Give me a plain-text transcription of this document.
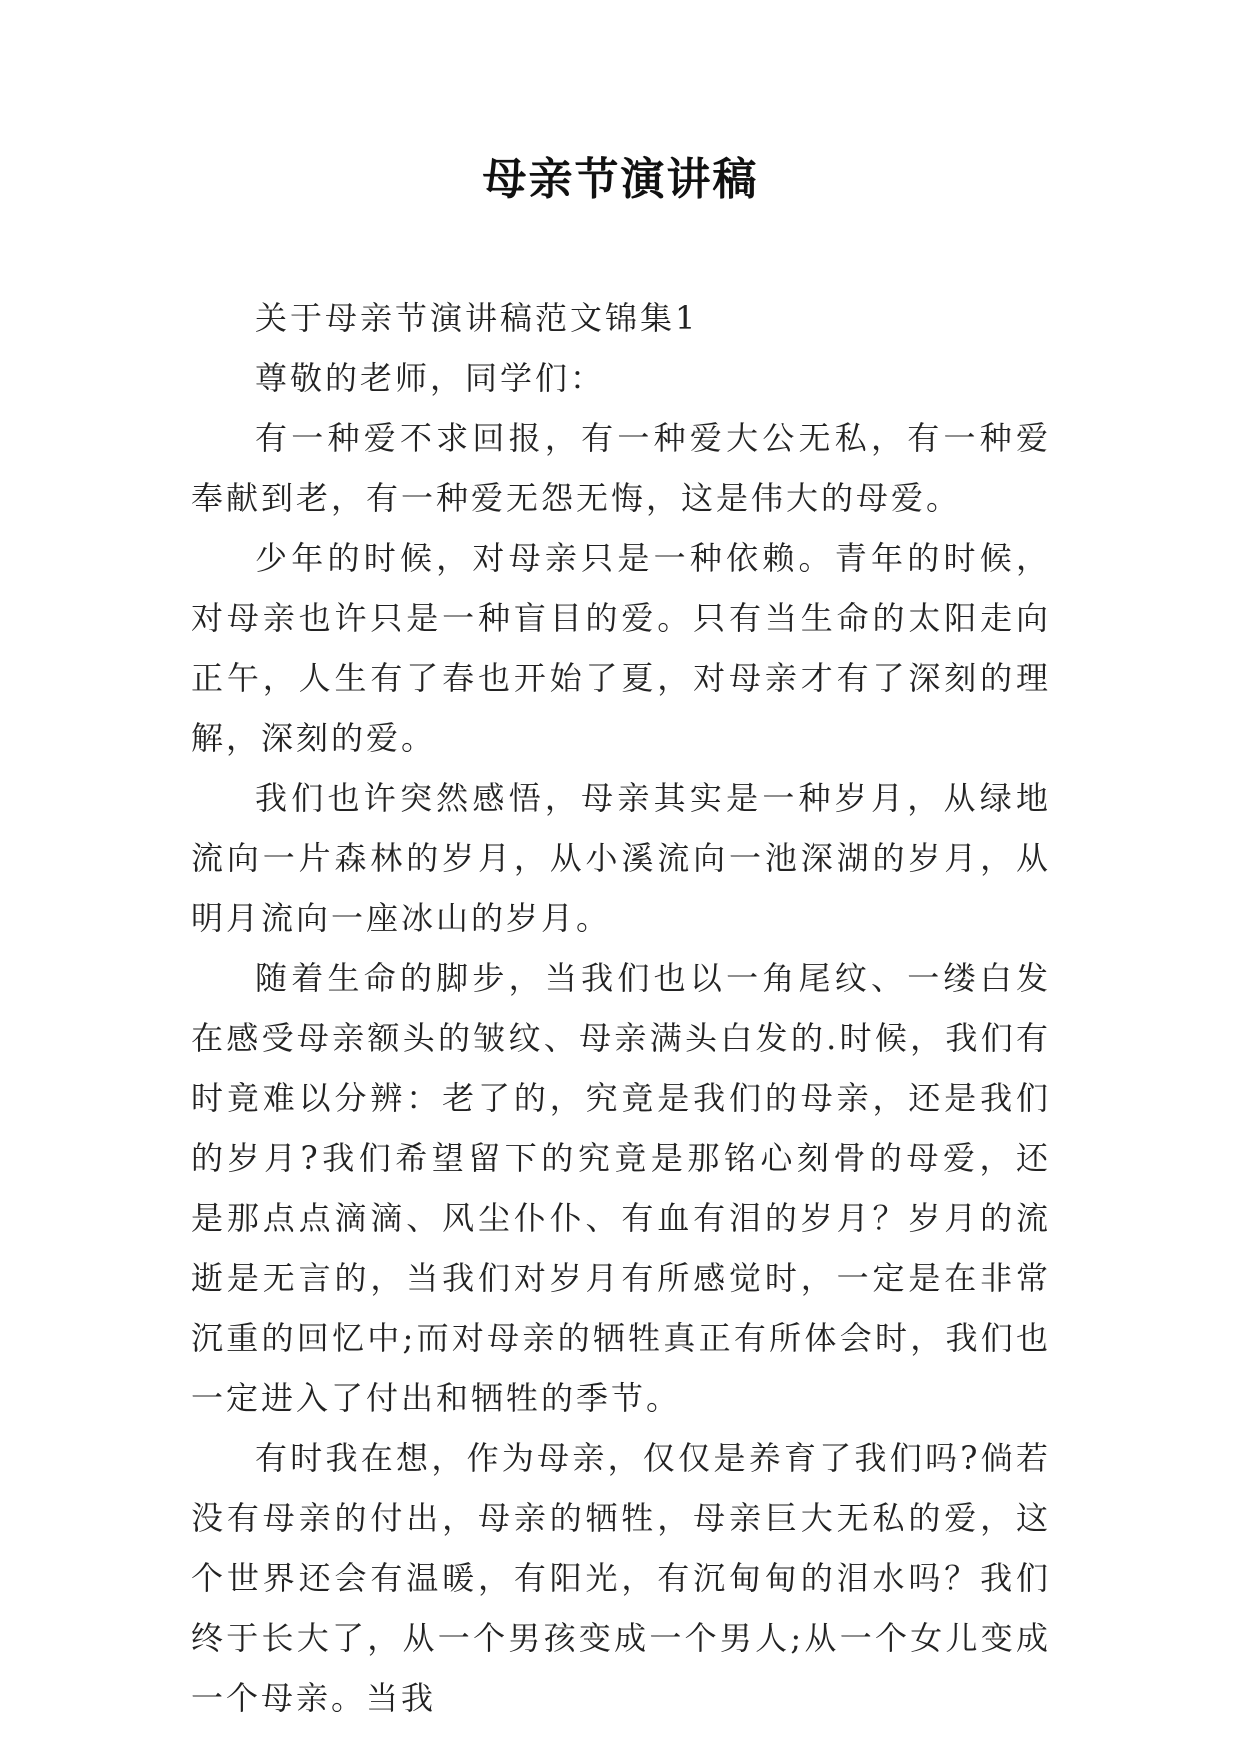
母亲节演讲稿

关于母亲节演讲稿范文锦集1

尊敬的老师，同学们：

有一种爱不求回报，有一种爱大公无私，有一种爱奉献到老，有一种爱无怨无悔，这是伟大的母爱。

少年的时候，对母亲只是一种依赖。青年的时候，对母亲也许只是一种盲目的爱。只有当生命的太阳走向正午，人生有了春也开始了夏，对母亲才有了深刻的理解，深刻的爱。

我们也许突然感悟，母亲其实是一种岁月，从绿地流向一片森林的岁月，从小溪流向一池深湖的岁月，从明月流向一座冰山的岁月。

随着生命的脚步，当我们也以一角尾纹、一缕白发在感受母亲额头的皱纹、母亲满头白发的.时候，我们有时竟难以分辨：老了的，究竟是我们的母亲，还是我们的岁月?我们希望留下的究竟是那铭心刻骨的母爱，还是那点点滴滴、风尘仆仆、有血有泪的岁月？岁月的流逝是无言的，当我们对岁月有所感觉时，一定是在非常沉重的回忆中;而对母亲的牺牲真正有所体会时，我们也一定进入了付出和牺牲的季节。

有时我在想，作为母亲，仅仅是养育了我们吗?倘若没有母亲的付出，母亲的牺牲，母亲巨大无私的爱，这个世界还会有温暖，有阳光，有沉甸甸的泪水吗？我们终于长大了，从一个男孩变成一个男人;从一个女儿变成一个母亲。当我
